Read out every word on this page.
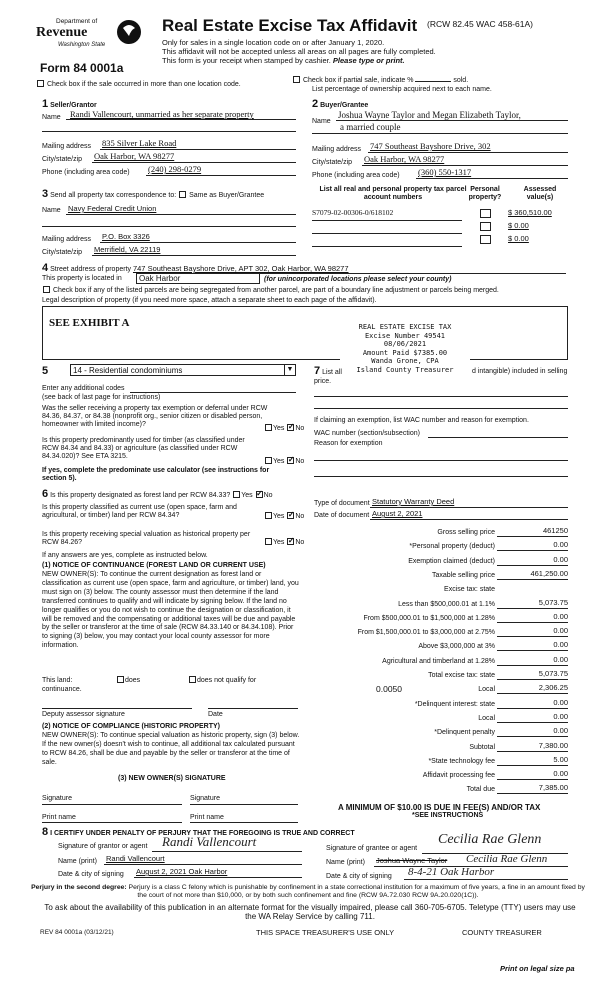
Department of
Revenue
Washington State
Form 84 0001a
Real Estate Excise Tax Affidavit (RCW 82.45 WAC 458-61A)
Only for sales in a single location code on or after January 1, 2020.
This affidavit will not be accepted unless all areas on all pages are fully completed.
This form is your receipt when stamped by cashier. Please type or print.
Check box if the sale occurred in more than one location code.
Check box if partial sale, indicate %	sold.
List percentage of ownership acquired next to each name.
1 Seller/Grantor
Name Randi Vallencourt, unmarried as her separate property
Mailing address 835 Silver Lake Road
City/state/zip Oak Harbor, WA 98277
Phone (including area code) (240) 298-0279
2 Buyer/Grantee
Name
Joshua Wayne Taylor and Megan Elizabeth Taylor,
a married couple
Mailing address 747 Southeast Bayshore Drive, 302
City/state/zip Oak Harbor, WA 98277
Phone (including area code) (360) 550-1317
3 Send all property tax correspondence to: Same as Buyer/Grantee
Name Navy Federal Credit Union
Mailing address P.O. Box 3326
City/state/zip Merrifield, VA 22119
List all real and personal property tax parcel account numbers
Personal property?
Assessed value(s)
S7079-02-00306-0/618102	$ 360,510.00
$ 0.00
$ 0.00
4 Street address of property 747 Southeast Bayshore Drive, APT 302, Oak Harbor, WA 98277
This property is located in	Oak Harbor	(for unincorporated locations please select your county)
Check box if any of the listed parcels are being segregated from another parcel, are part of a boundary line adjustment or parcels being merged.
Legal description of property (if you need more space, attach a separate sheet to each page of the affidavit).
SEE EXHIBIT A	REAL ESTATE EXCISE TAX
Excise Number 49541
08/06/2021
Amount Paid $7385.00
Wanda Grone, CPA
Island County Treasurer
5	14 - Residential condominiums	▼
Enter any additional codes
(see back of last page for instructions)
Was the seller receiving a property tax exemption or deferral under RCW 84.36, 84.37, or 84.38 (nonprofit org., senior citizen or disabled person, homeowner with limited income)?
Yes ✓ No
Is this property predominantly used for timber (as classified under RCW 84.34 and 84.33) or agriculture (as classified under RCW 84.34.020)? See ETA 3215.
Yes ✓ No
If yes, complete the predominate use calculator (see instructions for section 5).
6 Is this property designated as forest land per RCW 84.33? Yes ✓ No
Is this property classified as current use (open space, farm and agricultural, or timber) land per RCW 84.34?	Yes ✓ No
Is this property receiving special valuation as historical property per RCW 84.26?	Yes ✓ No
If any answers are yes, complete as instructed below.
(1) NOTICE OF CONTINUANCE (FOREST LAND OR CURRENT USE)
NEW OWNER(S): To continue the current designation as forest land or classification as current use (open space, farm and agriculture, or timber) land, you must sign on (3) below. The county assessor must then determine if the land transferred continues to qualify and will indicate by signing below. If the land no longer qualifies or you do not wish to continue the designation or classification, it will be removed and the compensating or additional taxes will be due and payable by the seller or transferor at the time of sale (RCW 84.33.140 or 84.34.108). Prior to signing (3) below, you may contact your local county assessor for more information.
This land:	does	does not qualify for
continuance.
Deputy assessor signature	Date
(2) NOTICE OF COMPLIANCE (HISTORIC PROPERTY)
NEW OWNER(S): To continue special valuation as historic property, sign (3) below. If the new owner(s) doesn't wish to continue, all additional tax calculated pursuant to RCW 84.26, shall be due and payable by the seller or transferor at the time of sale.
(3) NEW OWNER(S) SIGNATURE
Signature	Signature
Print name	Print name
7 List all	d intangible) included in selling
price.
If claiming an exemption, list WAC number and reason for exemption.
WAC number (section/subsection)
Reason for exemption
Type of document Statutory Warranty Deed
Date of document August 2, 2021
Gross selling price	461250
*Personal property (deduct)	0.00
Exemption claimed (deduct)	0.00
Taxable selling price	461,250.00
Excise tax: state
Less than $500,000.01 at 1.1%	5,073.75
From $500,000.01 to $1,500,000 at 1.28%	0.00
From $1,500,000.01 to $3,000,000 at 2.75%	0.00
Above $3,000,000 at 3%	0.00
Agricultural and timberland at 1.28%	0.00
Total excise tax: state	5,073.75
Local
0.0050	2,306.25
*Delinquent interest: state	0.00
Local	0.00
*Delinquent penalty	0.00
Subtotal	7,380.00
*State technology fee	5.00
Affidavit processing fee	0.00
Total due	7,385.00
A MINIMUM OF $10.00 IS DUE IN FEE(S) AND/OR TAX
*SEE INSTRUCTIONS
8 I CERTIFY UNDER PENALTY OF PERJURY THAT THE FOREGOING IS TRUE AND CORRECT
Signature of grantor or agent Randi Vallencourt
Name (print) Randi Vallencourt
Date & city of signing August 2, 2021 Oak Harbor
Signature of grantee or agent
Cecilia Rae Glenn
Name (print) Joshua Wayne Taylor Cecilia Rae Glenn
Date & city of signing 8-4-21 Oak Harbor
Perjury in the second degree: Perjury is a class C felony which is punishable by confinement in a state correctional institution for a maximum of five years, a fine in an amount fixed by the court of not more than $10,000, or by both such confinement and fine (RCW 9A.72.030 RCW 9A.20.020(1C)).
To ask about the availability of this publication in an alternate format for the visually impaired, please call 360-705-6705. Teletype (TTY) users may use the WA Relay Service by calling 711.
REV 84 0001a (03/12/21)	THIS SPACE TREASURER'S USE ONLY	COUNTY TREASURER
Print on legal size pa
